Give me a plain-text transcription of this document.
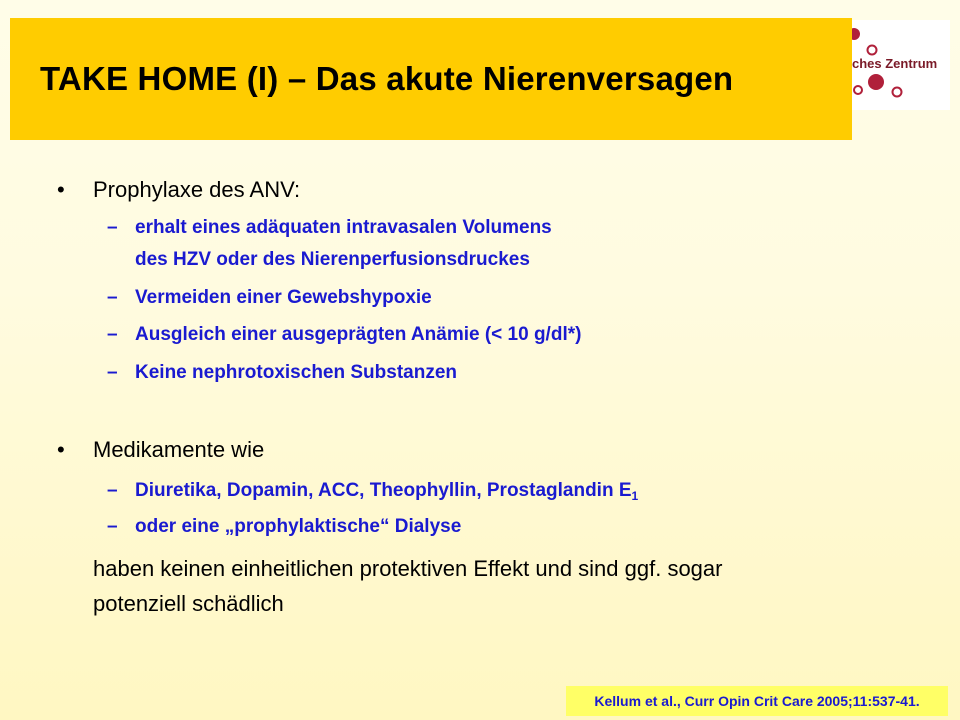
TAKE HOME (I) – Das akute Nierenversagen	ches Zentrum
• Prophylaxe des ANV:
– erhalt eines adäquaten intravasalen Volumens
des HZV oder des Nierenperfusionsdruckes
– Vermeiden einer Gewebshypoxie
– Ausgleich einer ausgeprägten Anämie (< 10 g/dl*)
– Keine nephrotoxischen Substanzen
• Medikamente wie
– Diuretika, Dopamin, ACC, Theophyllin, Prostaglandin $E_1$
– oder eine „prophylaktische“ Dialyse
haben keinen einheitlichen protektiven Effekt und sind ggf. sogar
potenziell schädlich
Kellum et al., Curr Opin Crit Care 2005;11:537-41.
